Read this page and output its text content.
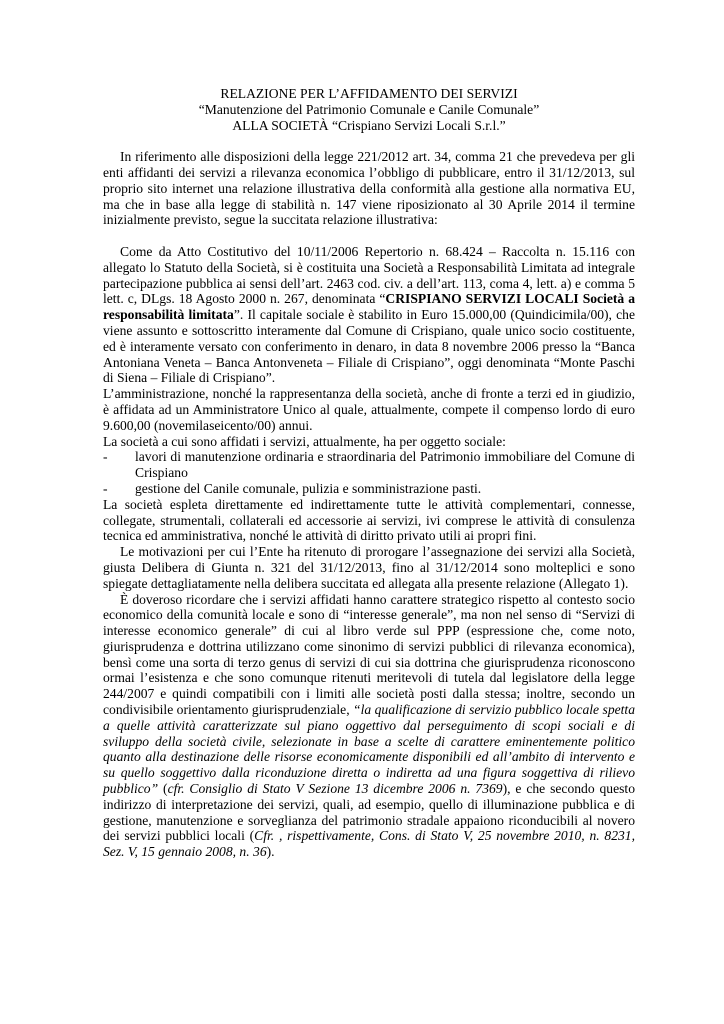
RELAZIONE PER L’AFFIDAMENTO DEI SERVIZI

“Manutenzione del Patrimonio Comunale e Canile Comunale”

ALLA SOCIETÀ “Crispiano Servizi Locali S.r.l.”

In riferimento alle disposizioni della legge 221/2012 art. 34, comma 21 che prevedeva per gli enti affidanti dei servizi a rilevanza economica l’obbligo di pubblicare, entro il 31/12/2013, sul proprio sito internet una relazione illustrativa della conformità alla gestione alla normativa EU, ma che in base alla legge di stabilità n. 147 viene riposizionato al 30 Aprile 2014 il termine inizialmente previsto, segue la succitata relazione illustrativa:

Come da Atto Costitutivo del 10/11/2006 Repertorio n. 68.424 – Raccolta n. 15.116 con allegato lo Statuto della Società, si è costituita una Società a Responsabilità Limitata ad integrale partecipazione pubblica ai sensi dell’art. 2463 cod. civ. a dell’art. 113, coma 4, lett. a) e comma 5 lett. c, DLgs. 18 Agosto 2000 n. 267, denominata “CRISPIANO SERVIZI LOCALI Società a responsabilità limitata”. Il capitale sociale è stabilito in Euro 15.000,00 (Quindicimila/00), che viene assunto e sottoscritto interamente dal Comune di Crispiano, quale unico socio costituente, ed è interamente versato con conferimento in denaro, in data 8 novembre 2006 presso la “Banca Antoniana Veneta – Banca Antonveneta – Filiale di Crispiano”, oggi denominata “Monte Paschi di Siena – Filiale di Crispiano”.

L’amministrazione, nonché la rappresentanza della società, anche di fronte a terzi ed in giudizio, è affidata ad un Amministratore Unico al quale, attualmente, compete il compenso lordo di euro 9.600,00 (novemilaseicento/00) annui.

La società a cui sono affidati i servizi, attualmente, ha per oggetto sociale:

- lavori di manutenzione ordinaria e straordinaria del Patrimonio immobiliare del Comune di Crispiano
- gestione del Canile comunale, pulizia e somministrazione pasti.

La società espleta direttamente ed indirettamente tutte le attività complementari, connesse, collegate, strumentali, collaterali ed accessorie ai servizi, ivi comprese le attività di consulenza tecnica ed amministrativa, nonché le attività di diritto privato utili ai propri fini.

Le motivazioni per cui l’Ente ha ritenuto di prorogare l’assegnazione dei servizi alla Società, giusta Delibera di Giunta n. 321 del 31/12/2013, fino al 31/12/2014 sono molteplici e sono spiegate dettagliatamente nella delibera succitata ed allegata alla presente relazione (Allegato 1).

È doveroso ricordare che i servizi affidati hanno carattere strategico rispetto al contesto socio economico della comunità locale e sono di “interesse generale”, ma non nel senso di “Servizi di interesse economico generale” di cui al libro verde sul PPP (espressione che, come noto, giurisprudenza e dottrina utilizzano come sinonimo di servizi pubblici di rilevanza economica), bensì come una sorta di terzo genus di servizi di cui sia dottrina che giurisprudenza riconoscono ormai l’esistenza e che sono comunque ritenuti meritevoli di tutela dal legislatore della legge 244/2007 e quindi compatibili con i limiti alle società posti dalla stessa; inoltre, secondo un condivisibile orientamento giurisprudenziale, “la qualificazione di servizio pubblico locale spetta a quelle attività caratterizzate sul piano oggettivo dal perseguimento di scopi sociali e di sviluppo della società civile, selezionate in base a scelte di carattere eminentemente politico quanto alla destinazione delle risorse economicamente disponibili ed all’ambito di intervento e su quello soggettivo dalla riconduzione diretta o indiretta ad una figura soggettiva di rilievo pubblico” (cfr. Consiglio di Stato V Sezione 13 dicembre 2006 n. 7369), e che secondo questo indirizzo di interpretazione dei servizi, quali, ad esempio, quello di illuminazione pubblica e di gestione, manutenzione e sorveglianza del patrimonio stradale appaiono riconducibili al novero dei servizi pubblici locali (Cfr. , rispettivamente, Cons. di Stato V, 25 novembre 2010, n. 8231, Sez. V, 15 gennaio 2008, n. 36).
